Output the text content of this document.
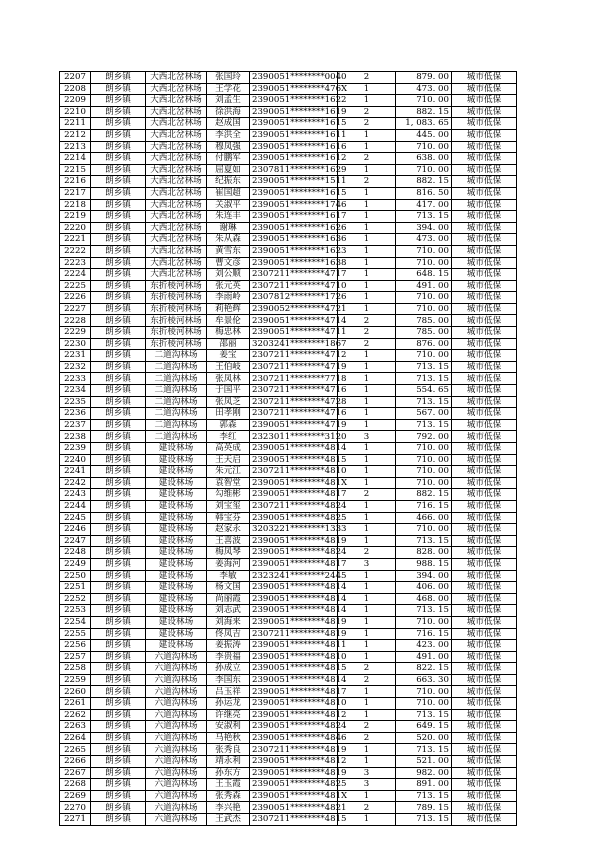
2207	朗乡镇	大西北岔林场	张国玲	2390051********0040	2	879. 00	城市低保
2208	朗乡镇	大西北岔林场	王学花	2390051********476X	1	473. 00	城市低保
2209	朗乡镇	大西北岔林场	刘孟生	2390051********1622	1	710. 00	城市低保
2210	朗乡镇	大西北岔林场	徐洪海	2390051********1619	2	882. 15	城市低保
2211	朗乡镇	大西北岔林场	赵成国	2390051********1615	2	1, 083. 65	城市低保
2212	朗乡镇	大西北岔林场	李洪全	2390051********1611	1	445. 00	城市低保
2213	朗乡镇	大西北岔林场	穆凤强	2390051********1616	1	710. 00	城市低保
2214	朗乡镇	大西北岔林场	付鹏军	2390051********1612	2	638. 00	城市低保
2215	朗乡镇	大西北岔林场	屈夏如	2307811********1629	1	710. 00	城市低保
2216	朗乡镇	大西北岔林场	纪振东	2390051********1511	2	882. 15	城市低保
2217	朗乡镇	大西北岔林场	崔国超	2390051********1615	1	816. 50	城市低保
2218	朗乡镇	大西北岔林场	关淑平	2390051********1746	1	417. 00	城市低保
2219	朗乡镇	大西北岔林场	朱连丰	2390051********1617	1	713. 15	城市低保
2220	朗乡镇	大西北岔林场	谢琳	2390051********1626	1	394. 00	城市低保
2221	朗乡镇	大西北岔林场	朱从森	2390051********1636	1	473. 00	城市低保
2222	朗乡镇	大西北岔林场	黄雪东	2390051********1623	1	710. 00	城市低保
2223	朗乡镇	大西北岔林场	曹文彦	2390051********1638	1	710. 00	城市低保
2224	朗乡镇	大西北岔林场	刘公顺	2307211********4717	1	648. 15	城市低保
2225	朗乡镇	东折棱河林场	张元英	2307211********4710	1	491. 00	城市低保
2226	朗乡镇	东折棱河林场	李雨岭	2307812********1726	1	710. 00	城市低保
2227	朗乡镇	东折棱河林场	莉艳辉	2390052********4721	1	710. 00	城市低保
2228	朗乡镇	东折棱河林场	牟景伦	2390051********4714	2	785. 00	城市低保
2229	朗乡镇	东折棱河林场	梅忠林	2390051********4711	2	785. 00	城市低保
2230	朗乡镇	东折棱河林场	邵丽	3203241********1867	2	876. 00	城市低保
2231	朗乡镇	二道沟林场	姜宝	2307211********4712	1	710. 00	城市低保
2232	朗乡镇	二道沟林场	王伯岐	2307211********4719	1	713. 15	城市低保
2233	朗乡镇	二道沟林场	张凤林	2307211********7718	1	713. 15	城市低保
2234	朗乡镇	二道沟林场	于国平	2307211********4716	1	554. 65	城市低保
2235	朗乡镇	二道沟林场	张凤芝	2307211********4728	1	713. 15	城市低保
2236	朗乡镇	二道沟林场	田孝刚	2307211********4716	1	567. 00	城市低保
2237	朗乡镇	二道沟林场	郭森	2390051********4719	1	713. 15	城市低保
2238	朗乡镇	二道沟林场	李红	2323011********3120	3	792. 00	城市低保
2239	朗乡镇	建设林场	高英成	2390051********4814	1	710. 00	城市低保
2240	朗乡镇	建设林场	王天启	2390051********4815	1	710. 00	城市低保
2241	朗乡镇	建设林场	朱元江	2307211********4810	1	710. 00	城市低保
2242	朗乡镇	建设林场	袁智堂	2390051********481X	1	710. 00	城市低保
2243	朗乡镇	建设林场	勾维彬	2390051********4817	2	882. 15	城市低保
2244	朗乡镇	建设林场	刘宝玺	2307211********4824	1	716. 15	城市低保
2245	朗乡镇	建设林场	韩宝芬	2390051********4825	1	466. 00	城市低保
2246	朗乡镇	建设林场	赵家永	3203221********1333	1	710. 00	城市低保
2247	朗乡镇	建设林场	王喜波	2390051********4819	1	713. 15	城市低保
2248	朗乡镇	建设林场	梅凤琴	2390051********4824	2	828. 00	城市低保
2249	朗乡镇	建设林场	姜海河	2390051********4817	3	988. 15	城市低保
2250	朗乡镇	建设林场	李敏	2323241********2445	1	394. 00	城市低保
2251	朗乡镇	建设林场	杨文国	2390051********4814	1	406. 00	城市低保
2252	朗乡镇	建设林场	尚丽霞	2390051********4814	1	468. 00	城市低保
2253	朗乡镇	建设林场	刘志武	2390051********4814	1	713. 15	城市低保
2254	朗乡镇	建设林场	刘海来	2390051********4819	1	710. 00	城市低保
2255	朗乡镇	建设林场	佟凤吉	2307211********4819	1	716. 15	城市低保
2256	朗乡镇	建设林场	姜振涛	2390051********4811	1	423. 00	城市低保
2257	朗乡镇	六道沟林场	李贵福	2390051********4810	1	491. 00	城市低保
2258	朗乡镇	六道沟林场	孙成立	2390051********4815	2	822. 15	城市低保
2259	朗乡镇	六道沟林场	李国东	2390051********4814	2	663. 30	城市低保
2260	朗乡镇	六道沟林场	吕玉祥	2390051********4817	1	710. 00	城市低保
2261	朗乡镇	六道沟林场	孙运龙	2390051********4810	1	710. 00	城市低保
2262	朗乡镇	六道沟林场	许继亮	2390051********4812	1	713. 15	城市低保
2263	朗乡镇	六道沟林场	安淑利	2390051********4824	2	649. 15	城市低保
2264	朗乡镇	六道沟林场	马艳秋	2390051********4846	2	520. 00	城市低保
2265	朗乡镇	六道沟林场	张秀良	2307211********4819	1	713. 15	城市低保
2266	朗乡镇	六道沟林场	靖永利	2390051********4812	1	521. 00	城市低保
2267	朗乡镇	六道沟林场	孙东方	2390051********4819	3	982. 00	城市低保
2268	朗乡镇	六道沟林场	王玉霞	2390051********4825	3	891. 00	城市低保
2269	朗乡镇	六道沟林场	张秀森	2390051********481X	1	713. 15	城市低保
2270	朗乡镇	六道沟林场	李兴艳	2390051********4821	2	789. 15	城市低保
2271	朗乡镇	六道沟林场	王武杰	2307211********4815	1	713. 15	城市低保
